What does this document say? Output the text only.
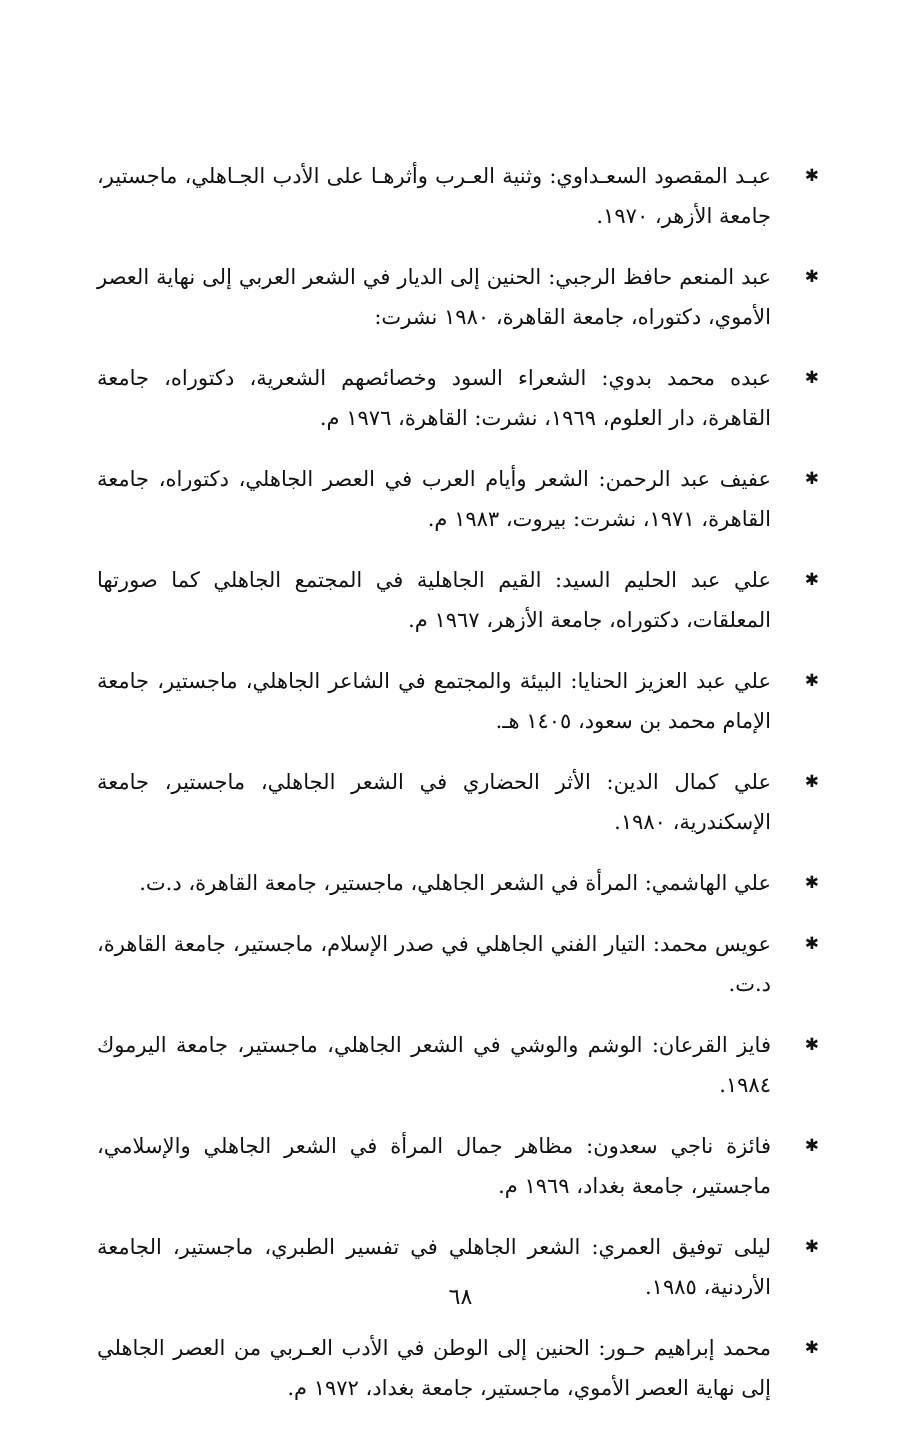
✱
عبـد المقصود السعـداوي: وثنية العـرب وأثرهـا على الأدب الجـاهلي، ماجستير، جامعة الأزهر، ١٩٧٠.
✱
عبد المنعم حافظ الرجبي: الحنين إلى الديار في الشعر العربي إلى نهاية العصر الأموي، دكتوراه، جامعة القاهرة، ١٩٨٠ نشرت:
✱
عبده محمد بدوي: الشعراء السود وخصائصهم الشعرية، دكتوراه، جامعة القاهرة، دار العلوم، ١٩٦٩، نشرت: القاهرة، ١٩٧٦ م.
✱
عفيف عبد الرحمن: الشعر وأيام العرب في العصر الجاهلي، دكتوراه، جامعة القاهرة، ١٩٧١، نشرت: بيروت، ١٩٨٣ م.
✱
علي عبد الحليم السيد: القيم الجاهلية في المجتمع الجاهلي كما صورتها المعلقات، دكتوراه، جامعة الأزهر، ١٩٦٧ م.
✱
علي عبد العزيز الحنايا: البيئة والمجتمع في الشاعر الجاهلي، ماجستير، جامعة الإمام محمد بن سعود، ١٤٠٥ هـ.
✱
علي كمال الدين: الأثر الحضاري في الشعر الجاهلي، ماجستير، جامعة الإسكندرية، ١٩٨٠.
✱
علي الهاشمي: المرأة في الشعر الجاهلي، ماجستير، جامعة القاهرة، د.ت.
✱
عويس محمد: التيار الفني الجاهلي في صدر الإسلام، ماجستير، جامعة القاهرة، د.ت.
✱
فايز القرعان: الوشم والوشي في الشعر الجاهلي، ماجستير، جامعة اليرموك ١٩٨٤.
✱
فائزة ناجي سعدون: مظاهر جمال المرأة في الشعر الجاهلي والإسلامي، ماجستير، جامعة بغداد، ١٩٦٩ م.
✱
ليلى توفيق العمري: الشعر الجاهلي في تفسير الطبري، ماجستير، الجامعة الأردنية، ١٩٨٥.
✱
محمد إبراهيم حـور: الحنين إلى الوطن في الأدب العـربي من العصر الجاهلي إلى نهاية العصر الأموي، ماجستير، جامعة بغداد، ١٩٧٢ م.
٦٨
